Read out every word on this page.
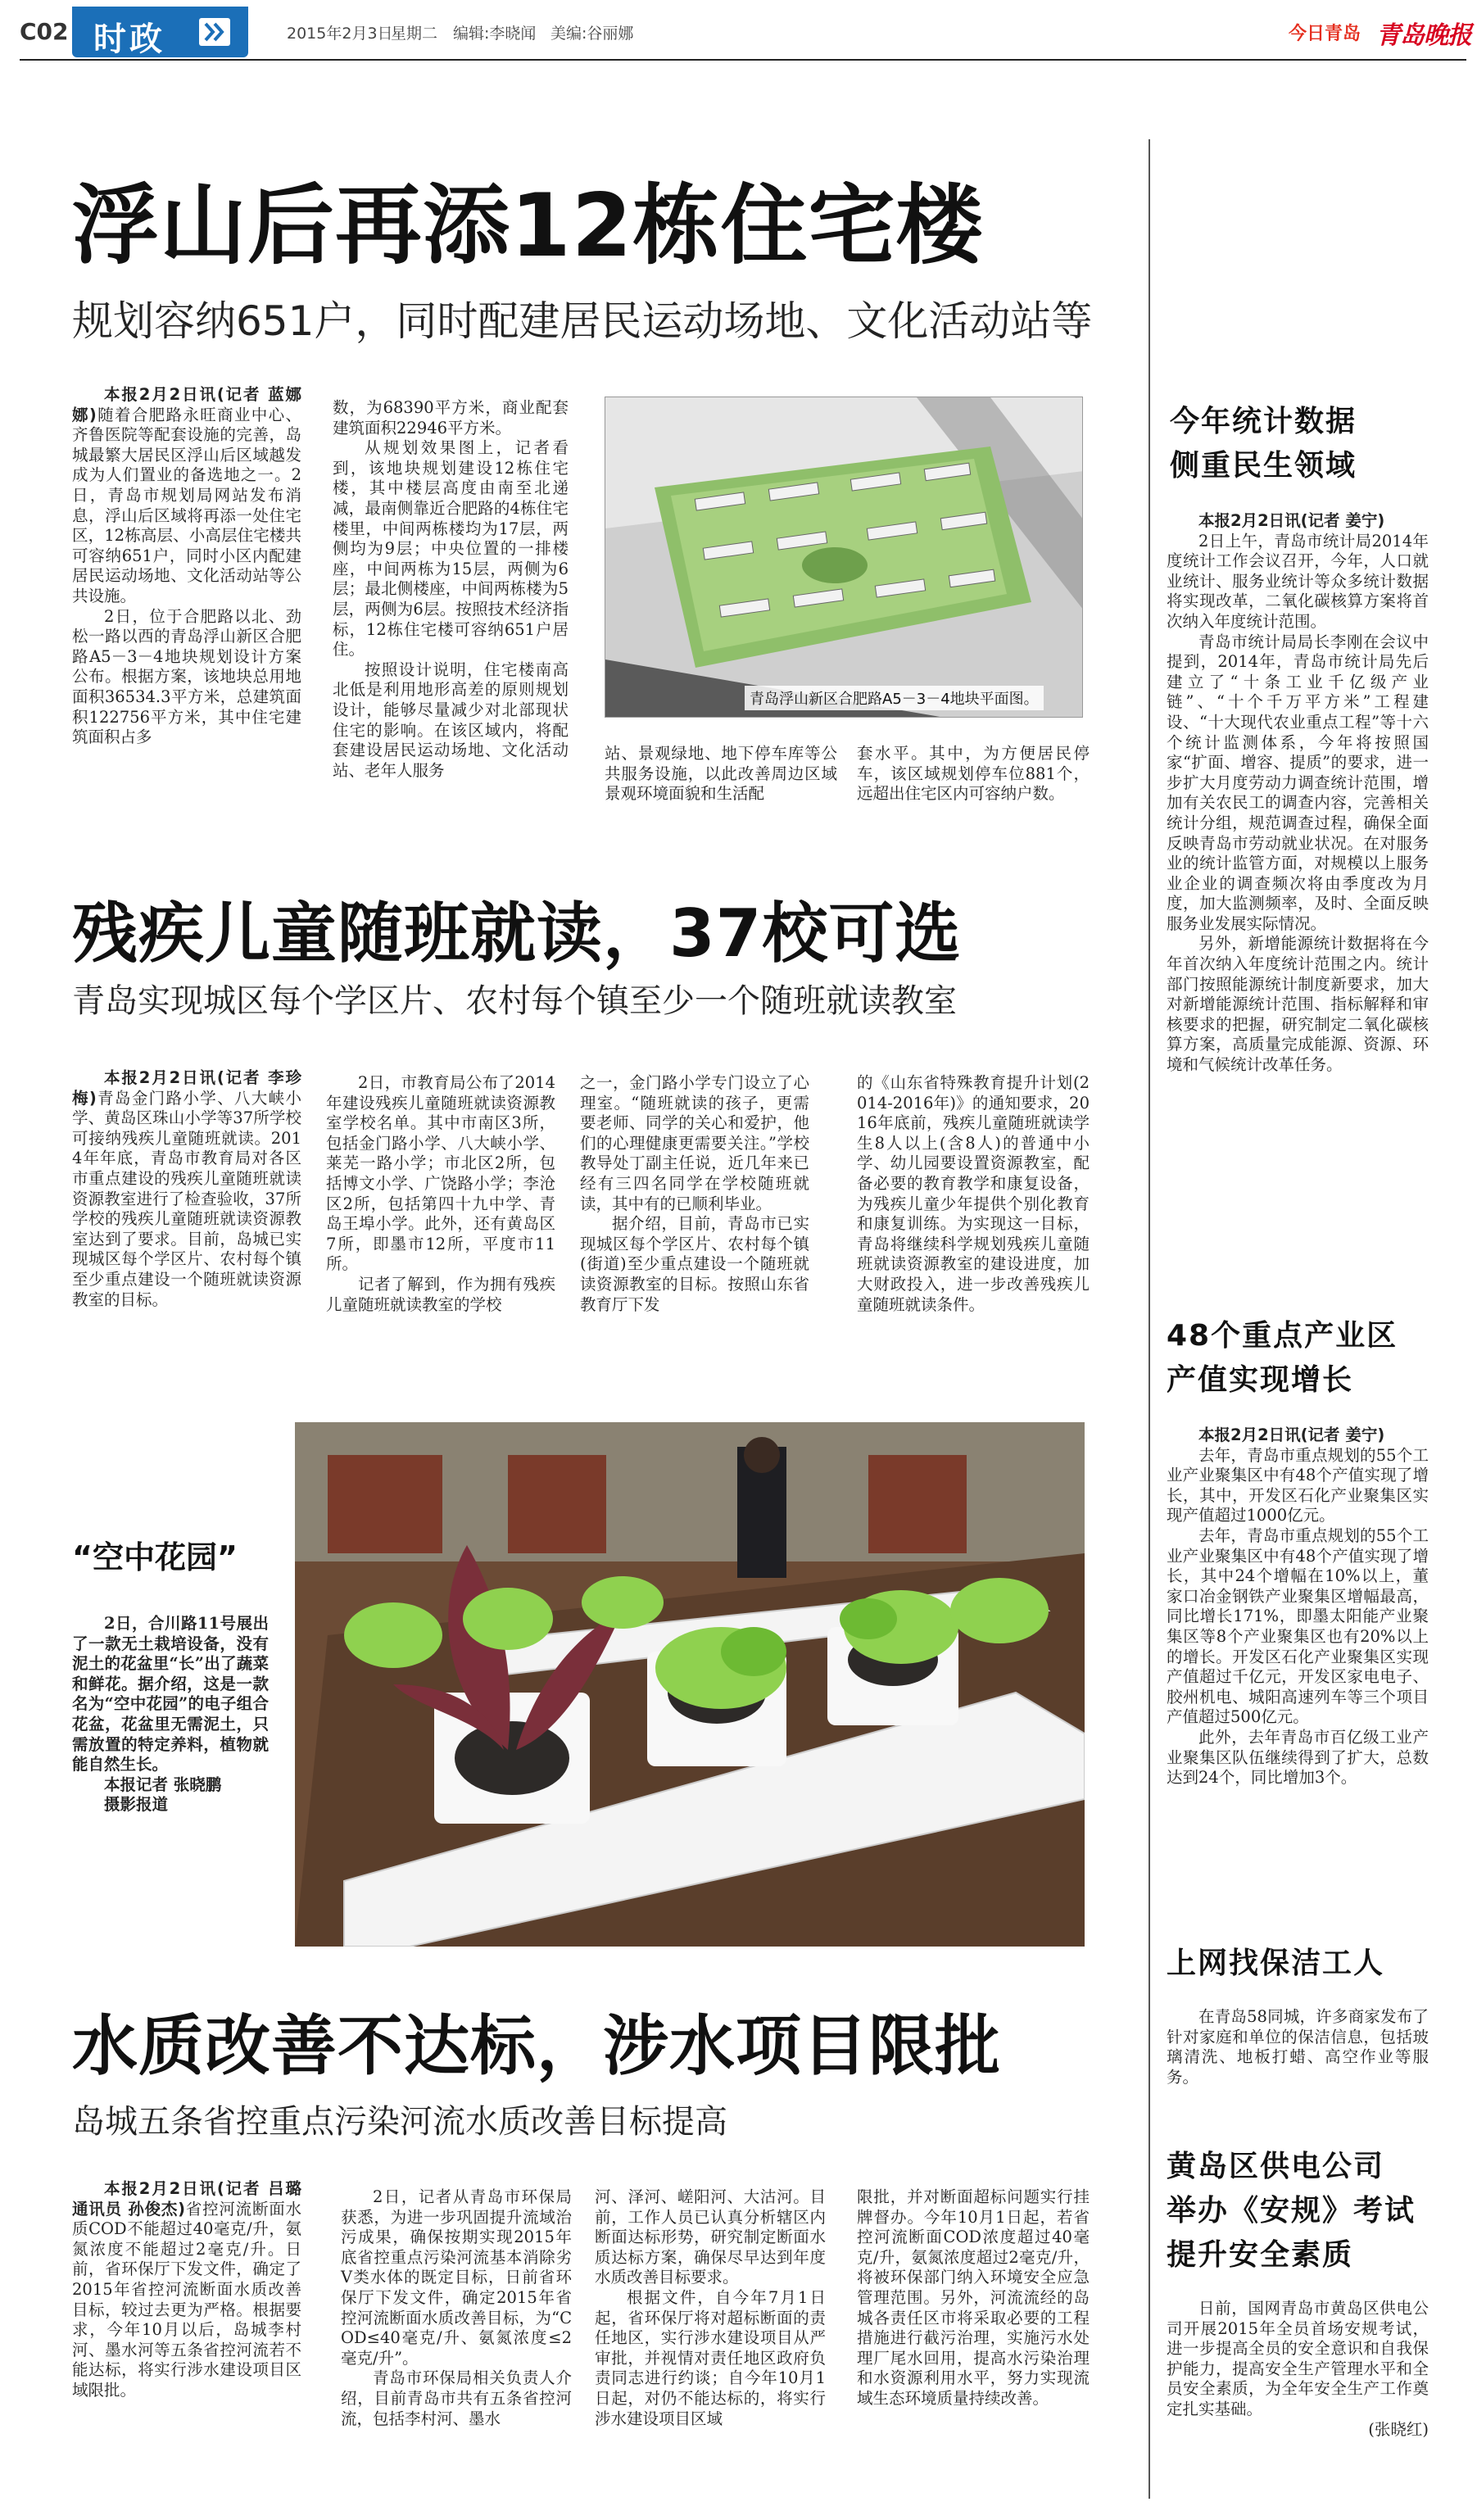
C02 时政	2015年2月3日
星期二 编辑:李晓闻 美编:谷丽娜	今日青岛 青岛晚报
浮山后再添12栋住宅楼
规划容纳651户，同时配建居民运动场地、文化活动站等

本报2月2日讯(记者 蓝娜娜)随着合肥路永旺商业中心、齐鲁医院等配套设施的完善，岛城最繁大居民区浮山后区域越发成为人们置业的备选地之一。2日，青岛市规划局网站发布消息，浮山后区域将再添一处住宅区，12栋高层、小高层住宅楼共可容纳651户，同时小区内配建居民运动场地、文化活动站等公共设施。

2日，位于合肥路以北、劲松一路以西的青岛浮山新区合肥路A5－3－4地块规划设计方案公布。根据方案，该地块总用地面积36534.3平方米，总建筑面积122756平方米，其中住宅建筑面积占多

数，为68390平方米，商业配套建筑面积22946平方米。

从规划效果图上，记者看到，该地块规划建设12栋住宅楼，其中楼层高度由南至北递减，最南侧靠近合肥路的4栋住宅楼里，中间两栋楼均为17层，两侧均为9层；中央位置的一排楼座，中间两栋为15层，两侧为6层；最北侧楼座，中间两栋楼为5层，两侧为6层。按照技术经济指标，12栋住宅楼可容纳651户居住。

按照设计说明，住宅楼南高北低是利用地形高差的原则规划设计，能够尽量减少对北部现状住宅的影响。在该区域内，将配套建设居民运动场地、文化活动站、老年人服务

青岛浮山新区合肥路A5－3－4地块平面图。

站、景观绿地、地下停车库等公共服务设施，以此改善周边区域景观环境面貌和生活配

套水平。其中，为方便居民停车，该区域规划停车位881个，远超出住宅区内可容纳户数。

残疾儿童随班就读，37校可选
青岛实现城区每个学区片、农村每个镇至少一个随班就读教室

本报2月2日讯(记者 李珍梅)青岛金门路小学、八大峡小学、黄岛区珠山小学等37所学校可接纳残疾儿童随班就读。2014年年底，青岛市教育局对各区市重点建设的残疾儿童随班就读资源教室进行了检查验收，37所学校的残疾儿童随班就读资源教室达到了要求。目前，岛城已实现城区每个学区片、农村每个镇至少重点建设一个随班就读资源教室的目标。

2日，市教育局公布了2014年建设残疾儿童随班就读资源教室学校名单。其中市南区3所，包括金门路小学、八大峡小学、莱芜一路小学；市北区2所，包括博文小学、广饶路小学；李沧区2所，包括第四十九中学、青岛王埠小学。此外，还有黄岛区7所，即墨市12所，平度市11所。

记者了解到，作为拥有残疾儿童随班就读教室的学校

之一，金门路小学专门设立了心理室。“随班就读的孩子，更需要老师、同学的关心和爱护，他们的心理健康更需要关注。”学校教导处丁副主任说，近几年来已经有三四名同学在学校随班就读，其中有的已顺利毕业。

据介绍，目前，青岛市已实现城区每个学区片、农村每个镇(街道)至少重点建设一个随班就读资源教室的目标。按照山东省教育厅下发

的《山东省特殊教育提升计划(2014-2016年)》的通知要求，2016年底前，残疾儿童随班就读学生8人以上(含8人)的普通中小学、幼儿园要设置资源教室，配备必要的教育教学和康复设备，为残疾儿童少年提供个别化教育和康复训练。为实现这一目标，青岛将继续科学规划残疾儿童随班就读资源教室的建设进度，加大财政投入，进一步改善残疾儿童随班就读条件。

“空中花园”

2日，合川路11号展出了一款无土栽培设备，没有泥土的花盆里“长”出了蔬菜和鲜花。据介绍，这是一款名为“空中花园”的电子组合花盆，花盆里无需泥土，只需放置的特定养料，植物就能自然生长。

本报记者 张晓鹏

摄影报道

水质改善不达标，涉水项目限批
岛城五条省控重点污染河流水质改善目标提高

本报2月2日讯(记者 吕璐 通讯员 孙俊杰)省控河流断面水质COD不能超过40毫克/升，氨氮浓度不能超过2毫克/升。日前，省环保厅下发文件，确定了2015年省控河流断面水质改善目标，较过去更为严格。根据要求，今年10月以后，岛城李村河、墨水河等五条省控河流若不能达标，将实行涉水建设项目区域限批。

2日，记者从青岛市环保局获悉，为进一步巩固提升流域治污成果，确保按期实现2015年底省控重点污染河流基本消除劣V类水体的既定目标，日前省环保厅下发文件，确定2015年省控河流断面水质改善目标，为“COD≤40毫克/升、氨氮浓度≤2毫克/升”。

青岛市环保局相关负责人介绍，目前青岛市共有五条省控河流，包括李村河、墨水

河、泽河、嵯阳河、大沽河。目前，工作人员已认真分析辖区内断面达标形势，研究制定断面水质达标方案，确保尽早达到年度水质改善目标要求。

根据文件，自今年7月1日起，省环保厅将对超标断面的责任地区，实行涉水建设项目从严审批，并视情对责任地区政府负责同志进行约谈；自今年10月1日起，对仍不能达标的，将实行涉水建设项目区域

限批，并对断面超标问题实行挂牌督办。今年10月1日起，若省控河流断面COD浓度超过40毫克/升，氨氮浓度超过2毫克/升，将被环保部门纳入环境安全应急管理范围。另外，河流流经的岛城各责任区市将采取必要的工程措施进行截污治理，实施污水处理厂尾水回用，提高水污染治理和水资源利用水平，努力实现流域生态环境质量持续改善。

今年统计数据
侧重民生领域

本报2月2日讯(记者 姜宁)

2日上午，青岛市统计局2014年度统计工作会议召开，今年，人口就业统计、服务业统计等众多统计数据将实现改革，二氧化碳核算方案将首次纳入年度统计范围。

青岛市统计局局长李刚在会议中提到，2014年，青岛市统计局先后建立了“十条工业千亿级产业链”、“十个千万平方米”工程建设、“十大现代农业重点工程”等十六个统计监测体系，今年将按照国家“扩面、增容、提质”的要求，进一步扩大月度劳动力调查统计范围，增加有关农民工的调查内容，完善相关统计分组，规范调查过程，确保全面反映青岛市劳动就业状况。在对服务业的统计监管方面，对规模以上服务业企业的调查频次将由季度改为月度，加大监测频率，及时、全面反映服务业发展实际情况。

另外，新增能源统计数据将在今年首次纳入年度统计范围之内。统计部门按照能源统计制度新要求，加大对新增能源统计范围、指标解释和审核要求的把握，研究制定二氧化碳核算方案，高质量完成能源、资源、环境和气候统计改革任务。

48个重点产业区
产值实现增长

本报2月2日讯(记者 姜宁)

去年，青岛市重点规划的55个工业产业聚集区中有48个产值实现了增长，其中，开发区石化产业聚集区实现产值超过1000亿元。

去年，青岛市重点规划的55个工业产业聚集区中有48个产值实现了增长，其中24个增幅在10%以上，董家口冶金钢铁产业聚集区增幅最高，同比增长171%，即墨太阳能产业聚集区等8个产业聚集区也有20%以上的增长。开发区石化产业聚集区实现产值超过千亿元，开发区家电电子、胶州机电、城阳高速列车等三个项目产值超过500亿元。

此外，去年青岛市百亿级工业产业聚集区队伍继续得到了扩大，总数达到24个，同比增加3个。

上网找保洁工人

在青岛58同城，许多商家发布了针对家庭和单位的保洁信息，包括玻璃清洗、地板打蜡、高空作业等服务。

黄岛区供电公司
举办《安规》考试
提升安全素质

日前，国网青岛市黄岛区供电公司开展2015年全员首场安规考试，进一步提高全员的安全意识和自我保护能力，提高安全生产管理水平和全员安全素质，为全年安全生产工作奠定扎实基础。

(张晓红)
